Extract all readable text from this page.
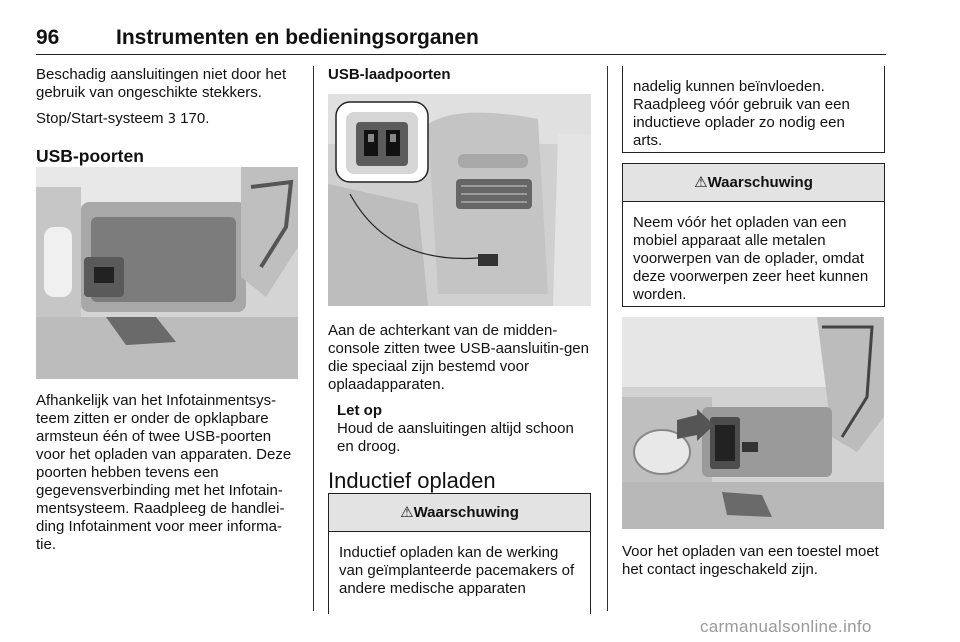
96	Instrumenten en bedieningsorganen

Beschadig aansluitingen niet door het gebruik van ongeschikte stekkers.

Stop/Start-systeem 3 170.

USB-poorten

Afhankelijk van het Infotainmentsys-teem zitten er onder de opklapbare armsteun één of twee USB-poorten voor het opladen van apparaten. Deze poorten hebben tevens een gegevensverbinding met het Infotain-mentsysteem. Raadpleeg de handlei-ding Infotainment voor meer informa-tie.

USB-laadpoorten

Aan de achterkant van de midden-console zitten twee USB-aansluitin-gen die speciaal zijn bestemd voor oplaadapparaten.

Let op

Houd de aansluitingen altijd schoon en droog.

Inductief opladen
⚠Waarschuwing

Inductief opladen kan de werking van geïmplanteerde pacemakers of andere medische apparaten

nadelig kunnen beïnvloeden. Raadpleeg vóór gebruik van een inductieve oplader zo nodig een arts.

⚠Waarschuwing

Neem vóór het opladen van een mobiel apparaat alle metalen voorwerpen van de oplader, omdat deze voorwerpen zeer heet kunnen worden.

Voor het opladen van een toestel moet het contact ingeschakeld zijn.

carmanualsonline.info
